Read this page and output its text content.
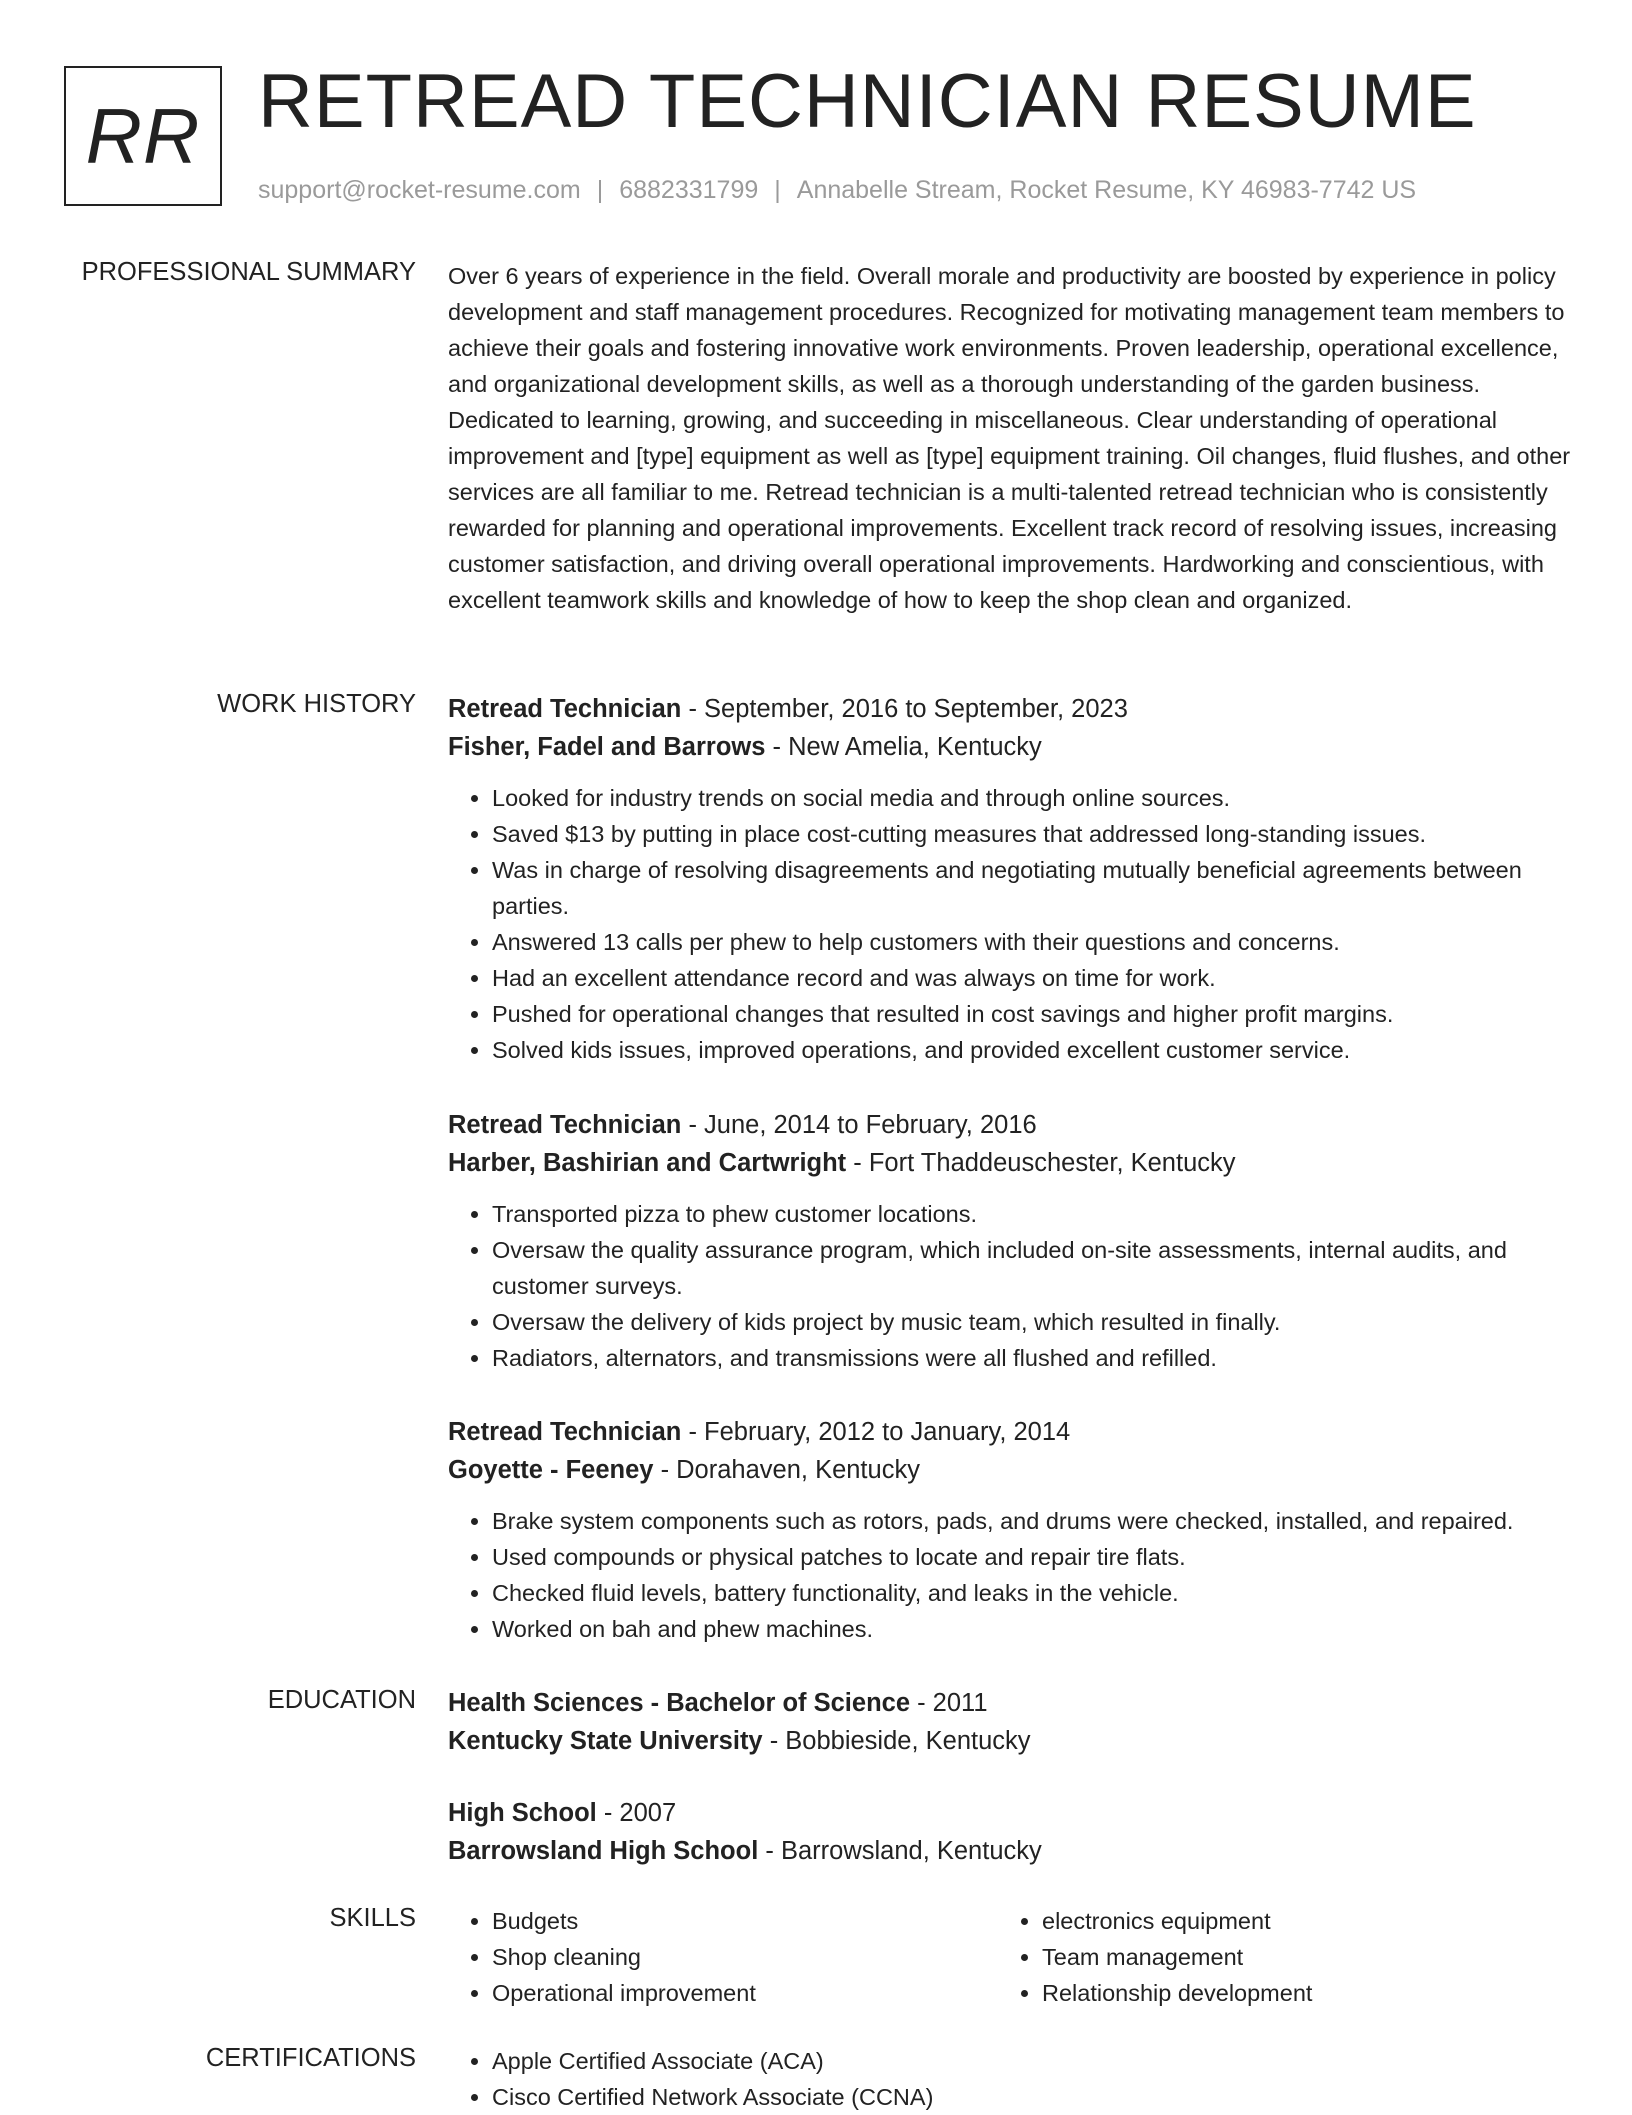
RR RETREAD TECHNICIAN RESUME
support@rocket-resume.com | 6882331799 | Annabelle Stream, Rocket Resume, KY 46983-7742 US
PROFESSIONAL SUMMARY Over 6 years of experience in the field. Overall morale and productivity are boosted by experience in policy development and staff management procedures. Recognized for motivating management team members to achieve their goals and fostering innovative work environments. Proven leadership, operational excellence, and organizational development skills, as well as a thorough understanding of the garden business. Dedicated to learning, growing, and succeeding in miscellaneous. Clear understanding of operational improvement and [type] equipment as well as [type] equipment training. Oil changes, fluid flushes, and other services are all familiar to me. Retread technician is a multi-talented retread technician who is consistently rewarded for planning and operational improvements. Excellent track record of resolving issues, increasing customer satisfaction, and driving overall operational improvements. Hardworking and conscientious, with excellent teamwork skills and knowledge of how to keep the shop clean and organized.

WORK HISTORY Retread Technician - September, 2016 to September, 2023
Fisher, Fadel and Barrows - New Amelia, Kentucky
• Looked for industry trends on social media and through online sources.
• Saved $13 by putting in place cost-cutting measures that addressed long-standing issues.
• Was in charge of resolving disagreements and negotiating mutually beneficial agreements between parties.
• Answered 13 calls per phew to help customers with their questions and concerns.
• Had an excellent attendance record and was always on time for work.
• Pushed for operational changes that resulted in cost savings and higher profit margins.
• Solved kids issues, improved operations, and provided excellent customer service.
Retread Technician - June, 2014 to February, 2016
Harber, Bashirian and Cartwright - Fort Thaddeuschester, Kentucky
• Transported pizza to phew customer locations.
• Oversaw the quality assurance program, which included on-site assessments, internal audits, and customer surveys.
• Oversaw the delivery of kids project by music team, which resulted in finally.
• Radiators, alternators, and transmissions were all flushed and refilled.
Retread Technician - February, 2012 to January, 2014
Goyette - Feeney - Dorahaven, Kentucky
• Brake system components such as rotors, pads, and drums were checked, installed, and repaired.
• Used compounds or physical patches to locate and repair tire flats.
• Checked fluid levels, battery functionality, and leaks in the vehicle.
• Worked on bah and phew machines.
EDUCATION Health Sciences - Bachelor of Science - 2011
Kentucky State University - Bobbieside, Kentucky
High School - 2007
Barrowsland High School - Barrowsland, Kentucky
SKILLS	• Budgets
• Shop cleaning
• Operational improvement
• electronics equipment
• Team management
• Relationship development
CERTIFICATIONS	• Apple Certified Associate (ACA)
• Cisco Certified Network Associate (CCNA)
